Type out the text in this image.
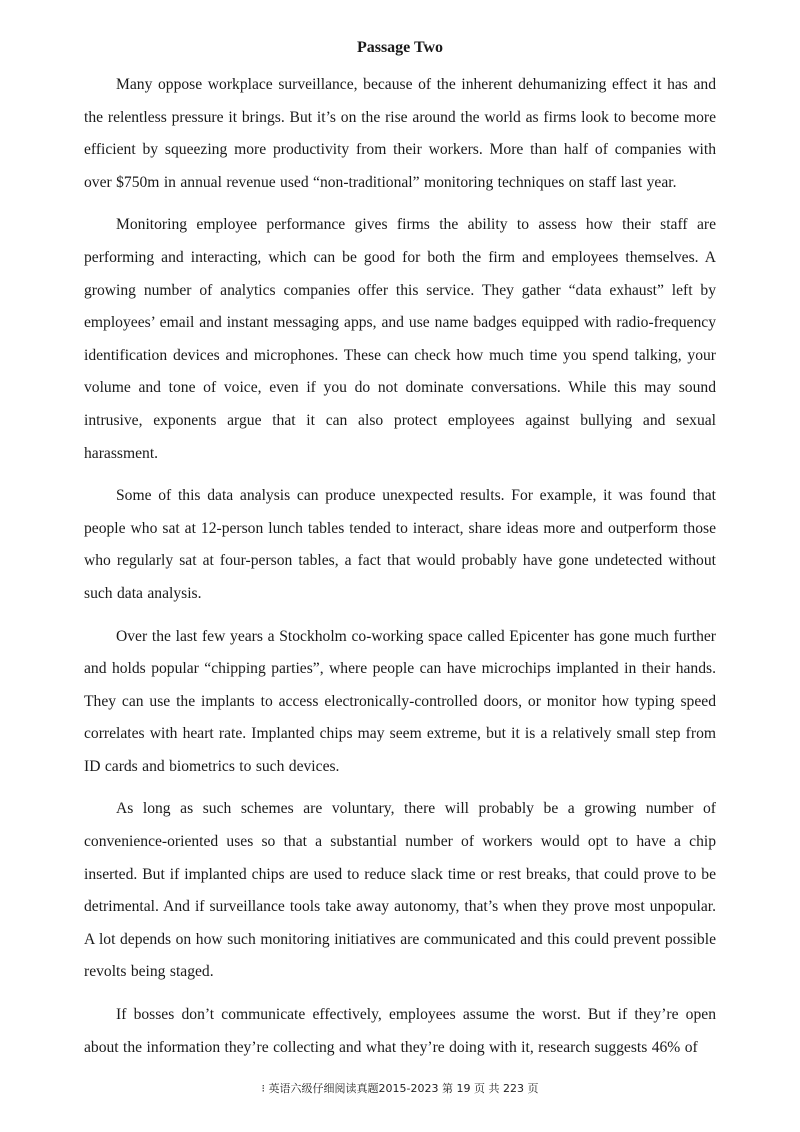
Passage Two

Many oppose workplace surveillance, because of the inherent dehumanizing effect it has and the relentless pressure it brings. But it’s on the rise around the world as firms look to become more efficient by squeezing more productivity from their workers. More than half of companies with over $750m in annual revenue used “non-traditional” monitoring techniques on staff last year.

Monitoring employee performance gives firms the ability to assess how their staff are performing and interacting, which can be good for both the firm and employees themselves. A growing number of analytics companies offer this service. They gather “data exhaust” left by employees’ email and instant messaging apps, and use name badges equipped with radio-frequency identification devices and microphones. These can check how much time you spend talking, your volume and tone of voice, even if you do not dominate conversations. While this may sound intrusive, exponents argue that it can also protect employees against bullying and sexual harassment.

Some of this data analysis can produce unexpected results. For example, it was found that people who sat at 12-person lunch tables tended to interact, share ideas more and outperform those who regularly sat at four-person tables, a fact that would probably have gone undetected without such data analysis.

Over the last few years a Stockholm co-working space called Epicenter has gone much further and holds popular “chipping parties”, where people can have microchips implanted in their hands. They can use the implants to access electronically-controlled doors, or monitor how typing speed correlates with heart rate. Implanted chips may seem extreme, but it is a relatively small step from ID cards and biometrics to such devices.

As long as such schemes are voluntary, there will probably be a growing number of convenience-oriented uses so that a substantial number of workers would opt to have a chip inserted. But if implanted chips are used to reduce slack time or rest breaks, that could prove to be detrimental. And if surveillance tools take away autonomy, that’s when they prove most unpopular. A lot depends on how such monitoring initiatives are communicated and this could prevent possible revolts being staged.

If bosses don’t communicate effectively, employees assume the worst. But if they’re open about the information they’re collecting and what they’re doing with it, research suggests 46% of

⁝ 英语六级仔细阅读真题2015-2023 第 19 页 共 223 页
